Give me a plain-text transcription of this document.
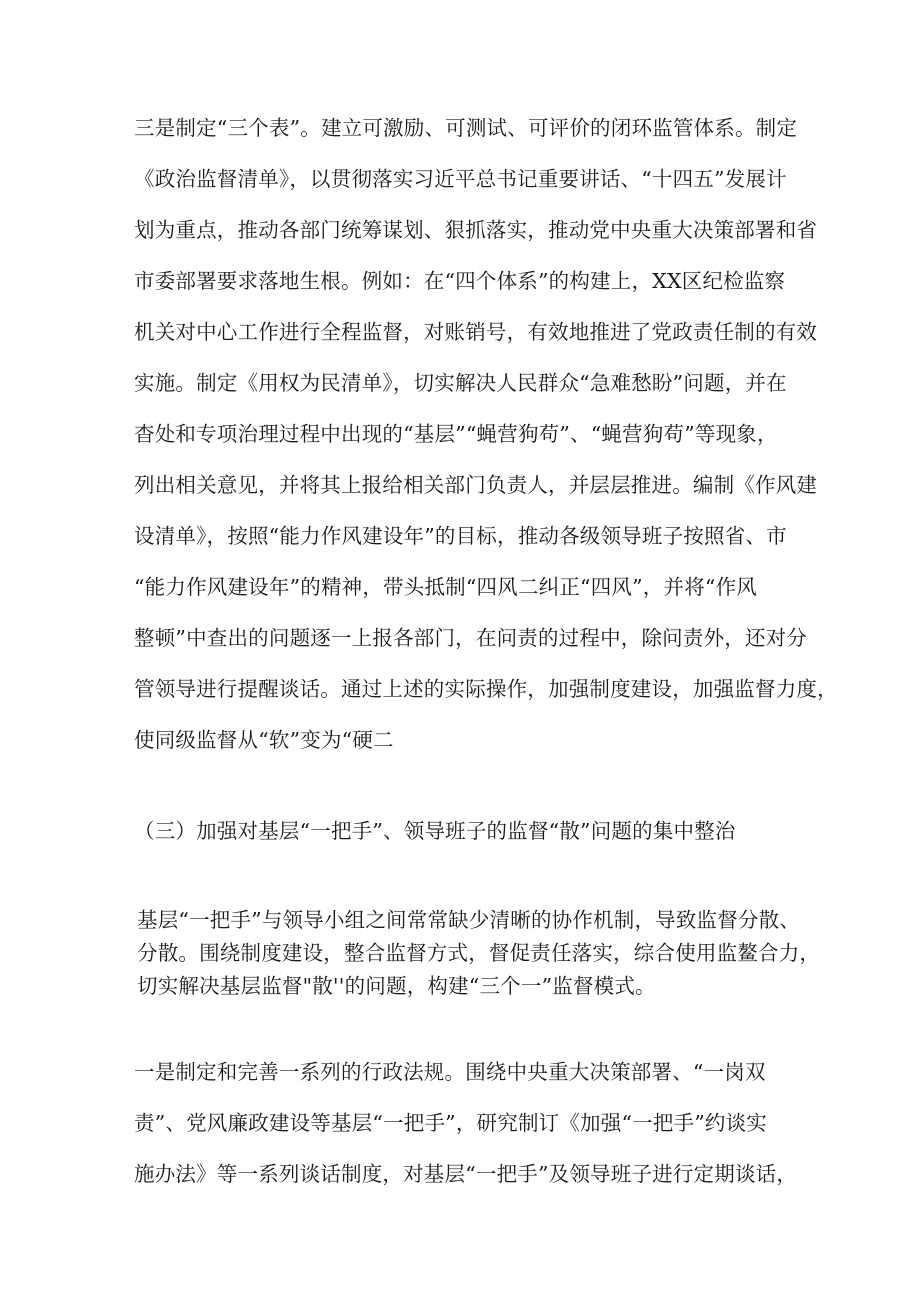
三是制定“三个表”。建立可激励、可测试、可评价的闭环监管体系。制定
《政治监督清单》，以贯彻落实习近平总书记重要讲话、“十四五”发展计
划为重点，推动各部门统筹谋划、狠抓落实，推动党中央重大决策部署和省
市委部署要求落地生根。例如：在“四个体系”的构建上，XX区纪检监察
机关对中心工作进行全程监督，对账销号，有效地推进了党政责任制的有效
实施。制定《用权为民清单》，切实解决人民群众“急难愁盼”问题，并在
杳处和专项治理过程中出现的“基层”“蝇营狗苟”、“蝇营狗苟”等现象，
列出相关意见，并将其上报给相关部门负责人，并层层推进。编制《作风建
设清单》，按照“能力作风建设年”的目标，推动各级领导班子按照省、市
“能力作风建设年”的精神，带头抵制“四风二纠正“四风”，并将“作风
整顿”中查出的问题逐一上报各部门，在问责的过程中，除问责外，还对分
管领导进行提醒谈话。通过上述的实际操作，加强制度建设，加强监督力度，
使同级监督从“软”变为“硬二
（三）加强对基层“一把手”、领导班子的监督“散”问题的集中整治
基层“一把手”与领导小组之间常常缺少清晰的协作机制，导致监督分散、
分散。围绕制度建设，整合监督方式，督促责任落实，综合使用监鳌合力，
切实解决基层监督"散''的问题，构建“三个一”监督模式。
一是制定和完善一系列的行政法规。围绕中央重大决策部署、“一岗双
责”、党风廉政建设等基层“一把手”，研究制订《加强“一把手”约谈实
施办法》等一系列谈话制度，对基层“一把手”及领导班子进行定期谈话，
